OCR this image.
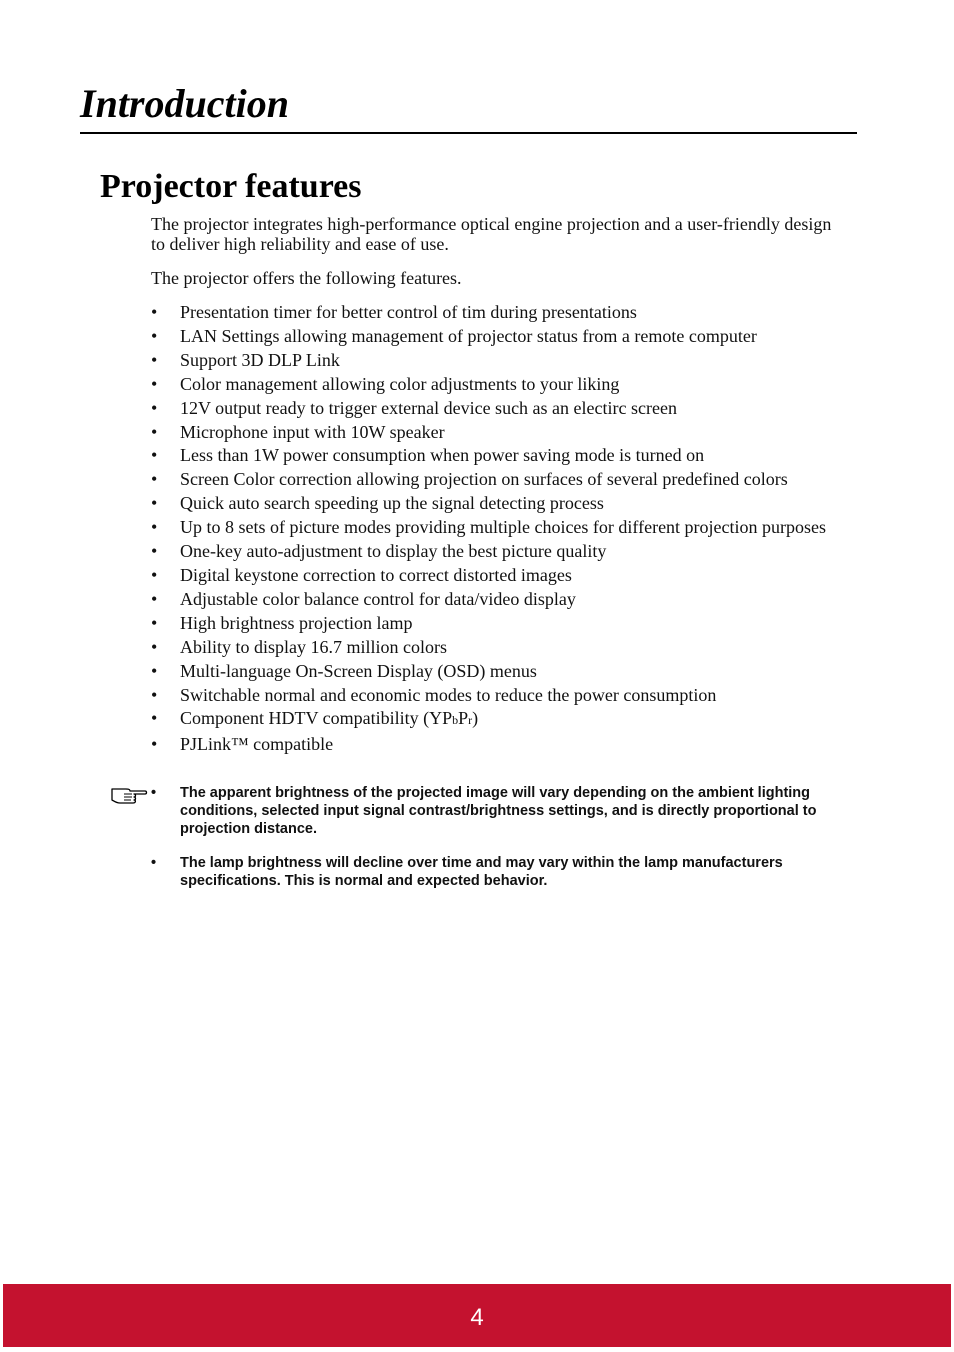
Introduction
Projector features

The projector integrates high-performance optical engine projection and a user-friendly design to deliver high reliability and ease of use.

The projector offers the following features.

• Presentation timer for better control of tim during presentations
• LAN Settings allowing management of projector status from a remote computer
• Support 3D DLP Link
• Color management allowing color adjustments to your liking
• 12V output ready to trigger external device such as an electirc screen
• Microphone input with 10W speaker
• Less than 1W power consumption when power saving mode is turned on
• Screen Color correction allowing projection on surfaces of several predefined colors
• Quick auto search speeding up the signal detecting process
• Up to 8 sets of picture modes providing multiple choices for different projection purposes
• One-key auto-adjustment to display the best picture quality
• Digital keystone correction to correct distorted images
• Adjustable color balance control for data/video display
• High brightness projection lamp
• Ability to display 16.7 million colors
• Multi-language On-Screen Display (OSD) menus
• Switchable normal and economic modes to reduce the power consumption
• Component HDTV compatibility (YPbPr)
• PJLink™ compatible
• The apparent brightness of the projected image will vary depending on the ambient lighting conditions, selected input signal contrast/brightness settings, and is directly proportional to projection distance.
• The lamp brightness will decline over time and may vary within the lamp manufacturers specifications. This is normal and expected behavior.
4
